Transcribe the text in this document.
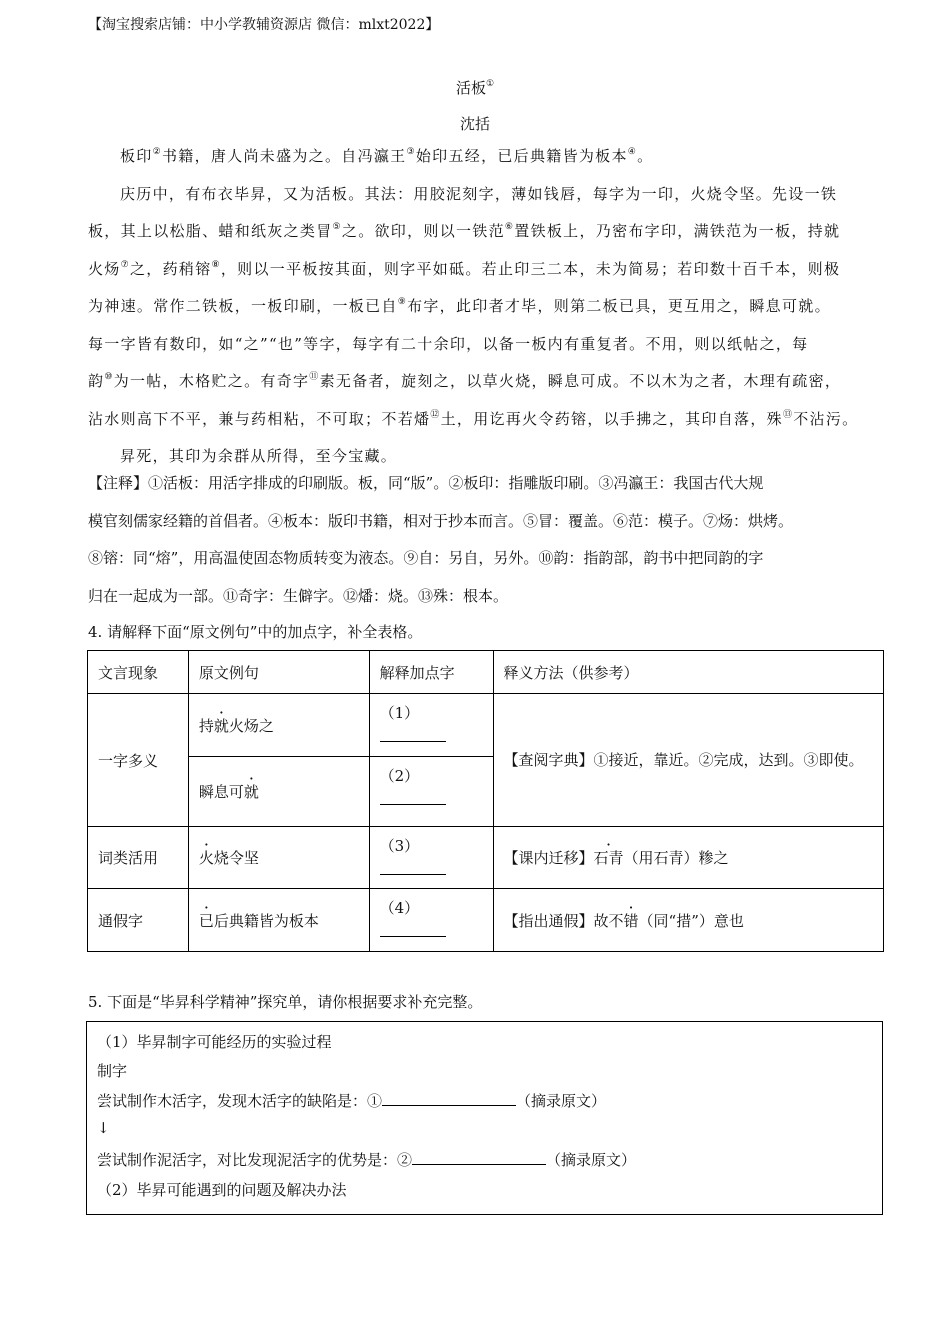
【淘宝搜索店铺：中小学教辅资源店 微信：mlxt2022】
活板①
沈括
板印②书籍，唐人尚未盛为之。自冯瀛王③始印五经，已后典籍皆为板本④。
庆历中，有布衣毕昇，又为活板。其法：用胶泥刻字，薄如钱唇，每字为一印，火烧令坚。先设一铁
板，其上以松脂、蜡和纸灰之类冒⑤之。欲印，则以一铁范⑥置铁板上，乃密布字印，满铁范为一板，持就
火炀⑦之，药稍镕⑧，则以一平板按其面，则字平如砥。若止印三二本，未为简易；若印数十百千本，则极
为神速。常作二铁板，一板印刷，一板已自⑨布字，此印者才毕，则第二板已具，更互用之，瞬息可就。
每一字皆有数印，如“之”“也”等字，每字有二十余印，以备一板内有重复者。不用，则以纸帖之，每
韵⑩为一帖，木格贮之。有奇字⑪素无备者，旋刻之，以草火烧，瞬息可成。不以木为之者，木理有疏密，
沾水则高下不平，兼与药相粘，不可取；不若燔⑫土，用讫再火令药镕，以手拂之，其印自落，殊⑬不沾污。
昇死，其印为余群从所得，至今宝藏。
【注释】①活板：用活字排成的印刷版。板，同“版”。②板印：指雕版印刷。③冯瀛王：我国古代大规
模官刻儒家经籍的首倡者。④板本：版印书籍，相对于抄本而言。⑤冒：覆盖。⑥范：模子。⑦炀：烘烤。
⑧镕：同“熔”，用高温使固态物质转变为液态。⑨自：另自，另外。⑩韵：指韵部，韵书中把同韵的字
归在一起成为一部。⑪奇字：生僻字。⑫燔：烧。⑬殊：根本。
4. 请解释下面“原文例句”中的加点字，补全表格。
文言现象	原文例句	解释加点字	释义方法（供参考）
一字多义	持就火炀之	（1）	【查阅字典】①接近，靠近。②完成，达到。③即使。
	瞬息可就	（2）	

词类活用	火烧令坚	（3）	【课内迁移】石青（用石青）糁之
通假字	已后典籍皆为板本	（4）	【指出通假】故不错（同“措”）意也
5. 下面是“毕昇科学精神”探究单，请你根据要求补充完整。
（1）毕昇制字可能经历的实验过程
制字
尝试制作木活字，发现木活字的缺陷是：①	（摘录原文）
↓
尝试制作泥活字，对比发现泥活字的优势是：②	（摘录原文）
（2）毕昇可能遇到的问题及解决办法
